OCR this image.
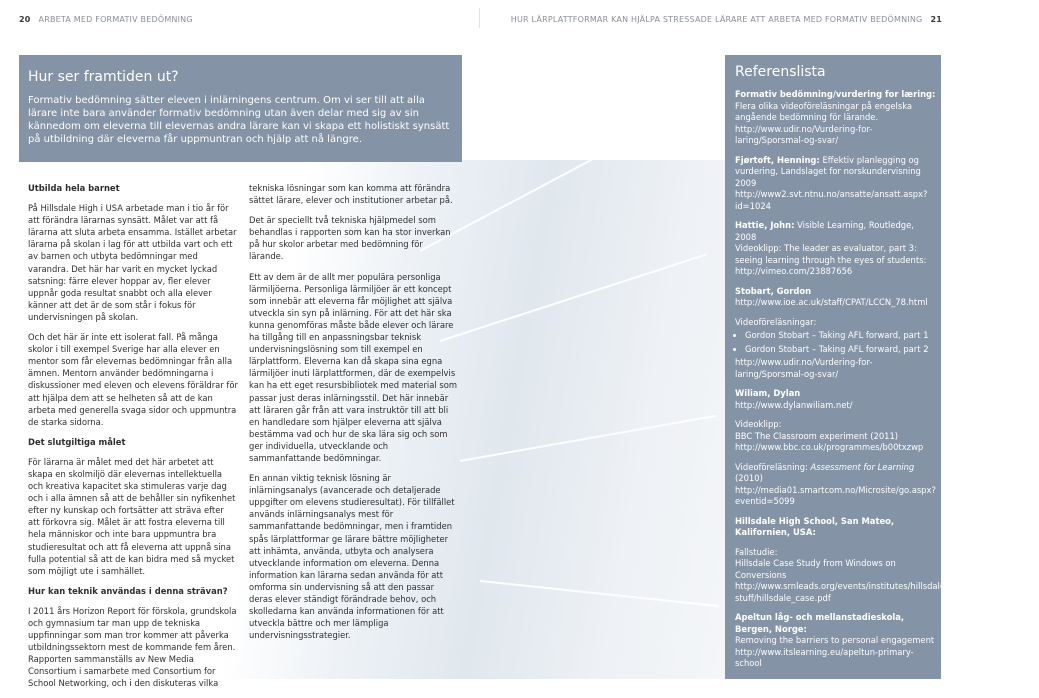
20 ARBETA MED FORMATIV BEDÖMNING	HUR LÄRPLATTFORMAR KAN HJÄLPA STRESSADE LÄRARE ATT ARBETA MED FORMATIV BEDÖMNING 21
Hur ser framtiden ut?
Formativ bedömning sätter eleven i inlärningens centrum. Om vi ser till att alla lärare inte bara använder formativ bedömning utan även delar med sig av sin kännedom om eleverna till elevernas andra lärare kan vi skapa ett holistiskt synsätt på utbildning där eleverna får uppmuntran och hjälp att nå längre.

Utbilda hela barnet

På Hillsdale High i USA arbetade man i tio år för att förändra lärarnas synsätt. Målet var att få lärarna att sluta arbeta ensamma. Istället arbetar lärarna på skolan i lag för att utbilda vart och ett av barnen och utbyta bedömningar med varandra. Det här har varit en mycket lyckad satsning: färre elever hoppar av, fler elever uppnår goda resultat snabbt och alla elever känner att det är de som står i fokus för undervisningen på skolan.

Och det här är inte ett isolerat fall. På många skolor i till exempel Sverige har alla elever en mentor som får elevernas bedömningar från alla ämnen. Mentorn använder bedömningarna i diskussioner med eleven och elevens föräldrar för att hjälpa dem att se helheten så att de kan arbeta med generella svaga sidor och uppmuntra de starka sidorna.

Det slutgiltiga målet

För lärarna är målet med det här arbetet att skapa en skolmiljö där elevernas intellektuella och kreativa kapacitet ska stimuleras varje dag och i alla ämnen så att de behåller sin nyfikenhet efter ny kunskap och fortsätter att sträva efter att förkovra sig. Målet är att fostra eleverna till hela människor och inte bara uppmuntra bra studieresultat och att få eleverna att uppnå sina fulla potential så att de kan bidra med så mycket som möjligt ute i samhället.

Hur kan teknik användas i denna strävan?

I 2011 års Horizon Report för förskola, grundskola och gymnasium tar man upp de tekniska uppfinningar som man tror kommer att påverka utbildningssektorn mest de kommande fem åren. Rapporten sammanställs av New Media Consortium i samarbete med Consortium for School Networking, och i den diskuteras vilka

tekniska lösningar som kan komma att förändra sättet lärare, elever och institutioner arbetar på.

Det är speciellt två tekniska hjälpmedel som behandlas i rapporten som kan ha stor inverkan på hur skolor arbetar med bedömning för lärande.

Ett av dem är de allt mer populära personliga lärmiljöerna. Personliga lärmiljöer är ett koncept som innebär att eleverna får möjlighet att själva utveckla sin syn på inlärning. För att det här ska kunna genomföras måste både elever och lärare ha tillgång till en anpassningsbar teknisk undervisningslösning som till exempel en lärplattform. Eleverna kan då skapa sina egna lärmiljöer inuti lärplattformen, där de exempelvis kan ha ett eget resursbibliotek med material som passar just deras inlärningsstil. Det här innebär att läraren går från att vara instruktör till att bli en handledare som hjälper eleverna att själva bestämma vad och hur de ska lära sig och som ger individuella, utvecklande och sammanfattande bedömningar.

En annan viktig teknisk lösning är inlärningsanalys (avancerade och detaljerade uppgifter om elevens studieresultat). För tillfället används inlärningsanalys mest för sammanfattande bedömningar, men i framtiden spås lärplattformar ge lärare bättre möjligheter att inhämta, använda, utbyta och analysera utvecklande information om eleverna. Denna information kan lärarna sedan använda för att omforma sin undervisning så att den passar deras elever ständigt förändrade behov, och skolledarna kan använda informationen för att utveckla bättre och mer lämpliga undervisningsstrategier.

Referenslista
Formativ bedömning/vurdering for læring:
Flera olika videoföreläsningar på engelska angående bedömning för lärande.
http://www.udir.no/Vurdering-for-laring/Sporsmal-og-svar/
Fjørtoft, Henning: Effektiv planlegging og vurdering, Landslaget for norskundervisning 2009
http://www2.svt.ntnu.no/ansatte/ansatt.aspx?id=1024
Hattie, John: Visible Learning, Routledge, 2008
Videoklipp: The leader as evaluator, part 3: seeing learning through the eyes of students:
http://vimeo.com/23887656
Stobart, Gordon
http://www.ioe.ac.uk/staff/CPAT/LCCN_78.html
Videoföreläsningar:
• Gordon Stobart – Taking AFL forward, part 1
• Gordon Stobart – Taking AFL forward, part 2
http://www.udir.no/Vurdering-for-laring/Sporsmal-og-svar/
Wiliam, Dylan
http://www.dylanwiliam.net/
Videoklipp:
BBC The Classroom experiment (2011)
http://www.bbc.co.uk/programmes/b00txzwp
Videoföreläsning: Assessment for Learning (2010)
http://media01.smartcom.no/Microsite/go.aspx?eventid=5099
Hillsdale High School, San Mateo, Kalifornien, USA:
Fallstudie:
Hillsdale Case Study from Windows on Conversions
http://www.srnleads.org/events/institutes/hillsdale/hillsdale_files/pre/old-stuff/hillsdale_case.pdf
Apeltun låg- och mellanstadieskola, Bergen, Norge:
Removing the barriers to personal engagement
http://www.itslearning.eu/apeltun-primary-school
